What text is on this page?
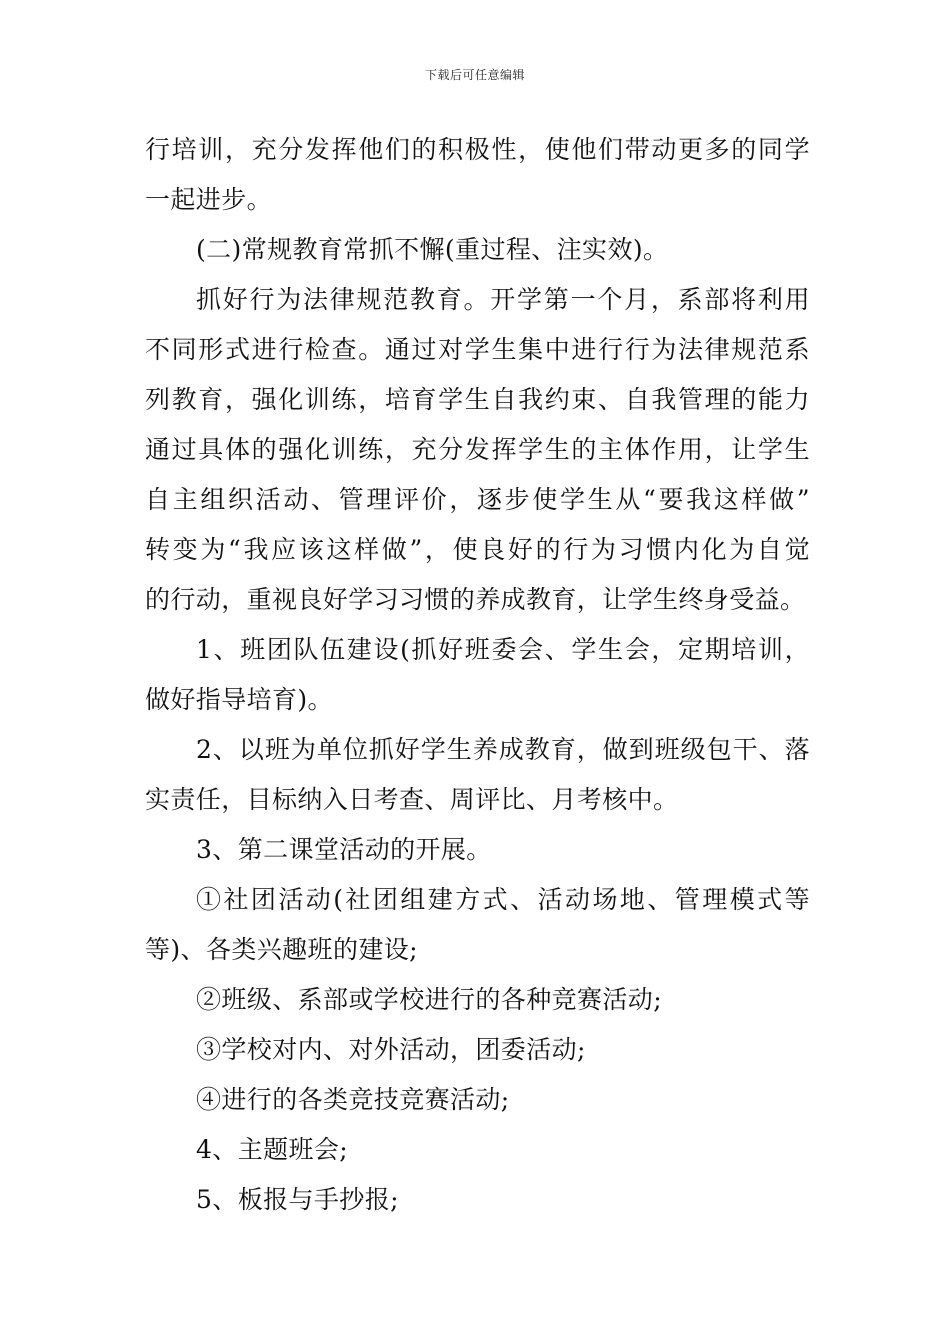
下载后可任意编辑
行培训，充分发挥他们的积极性，使他们带动更多的同学
一起进步。
(二)常规教育常抓不懈(重过程、注实效)。
抓好行为法律规范教育。开学第一个月，系部将利用
不同形式进行检查。通过对学生集中进行行为法律规范系
列教育，强化训练，培育学生自我约束、自我管理的能力
通过具体的强化训练，充分发挥学生的主体作用，让学生
自主组织活动、管理评价，逐步使学生从“要我这样做”
转变为“我应该这样做”，使良好的行为习惯内化为自觉
的行动，重视良好学习习惯的养成教育，让学生终身受益。
1、班团队伍建设(抓好班委会、学生会，定期培训，
做好指导培育)。
2、以班为单位抓好学生养成教育，做到班级包干、落
实责任，目标纳入日考查、周评比、月考核中。
3、第二课堂活动的开展。
①社团活动(社团组建方式、活动场地、管理模式等
等)、各类兴趣班的建设;
②班级、系部或学校进行的各种竞赛活动;
③学校对内、对外活动，团委活动;
④进行的各类竞技竞赛活动;
4、主题班会;
5、板报与手抄报;
